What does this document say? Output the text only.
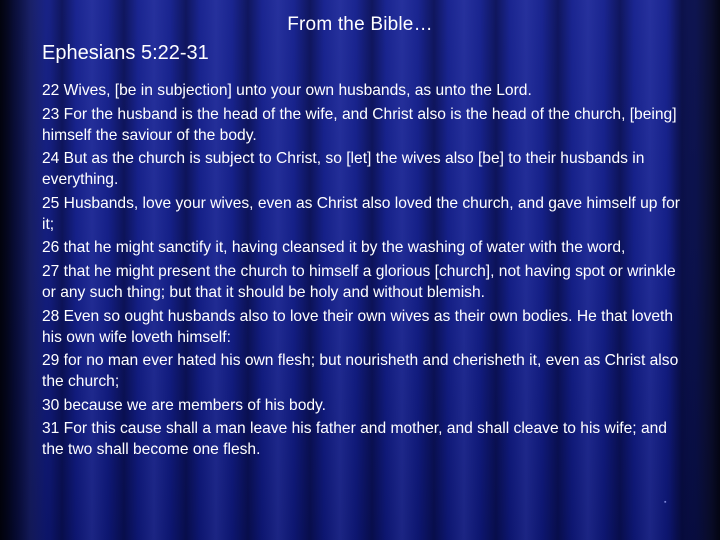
From the Bible…
Ephesians 5:22-31
22 Wives, [be in subjection] unto your own husbands, as unto the Lord.
23 For the husband is the head of the wife, and Christ also is the head of the church, [being] himself the saviour of the body.
24 But as the church is subject to Christ, so [let] the wives also [be] to their husbands in everything.
25 Husbands, love your wives, even as Christ also loved the church, and gave himself up for it;
26 that he might sanctify it, having cleansed it by the washing of water with the word,
27 that he might present the church to himself a glorious [church], not having spot or wrinkle or any such thing; but that it should be holy and without blemish.
28 Even so ought husbands also to love their own wives as their own bodies. He that loveth his own wife loveth himself:
29 for no man ever hated his own flesh; but nourisheth and cherisheth it, even as Christ also the church;
30 because we are members of his body.
31 For this cause shall a man leave his father and mother, and shall cleave to his wife; and the two shall become one flesh.
▪
